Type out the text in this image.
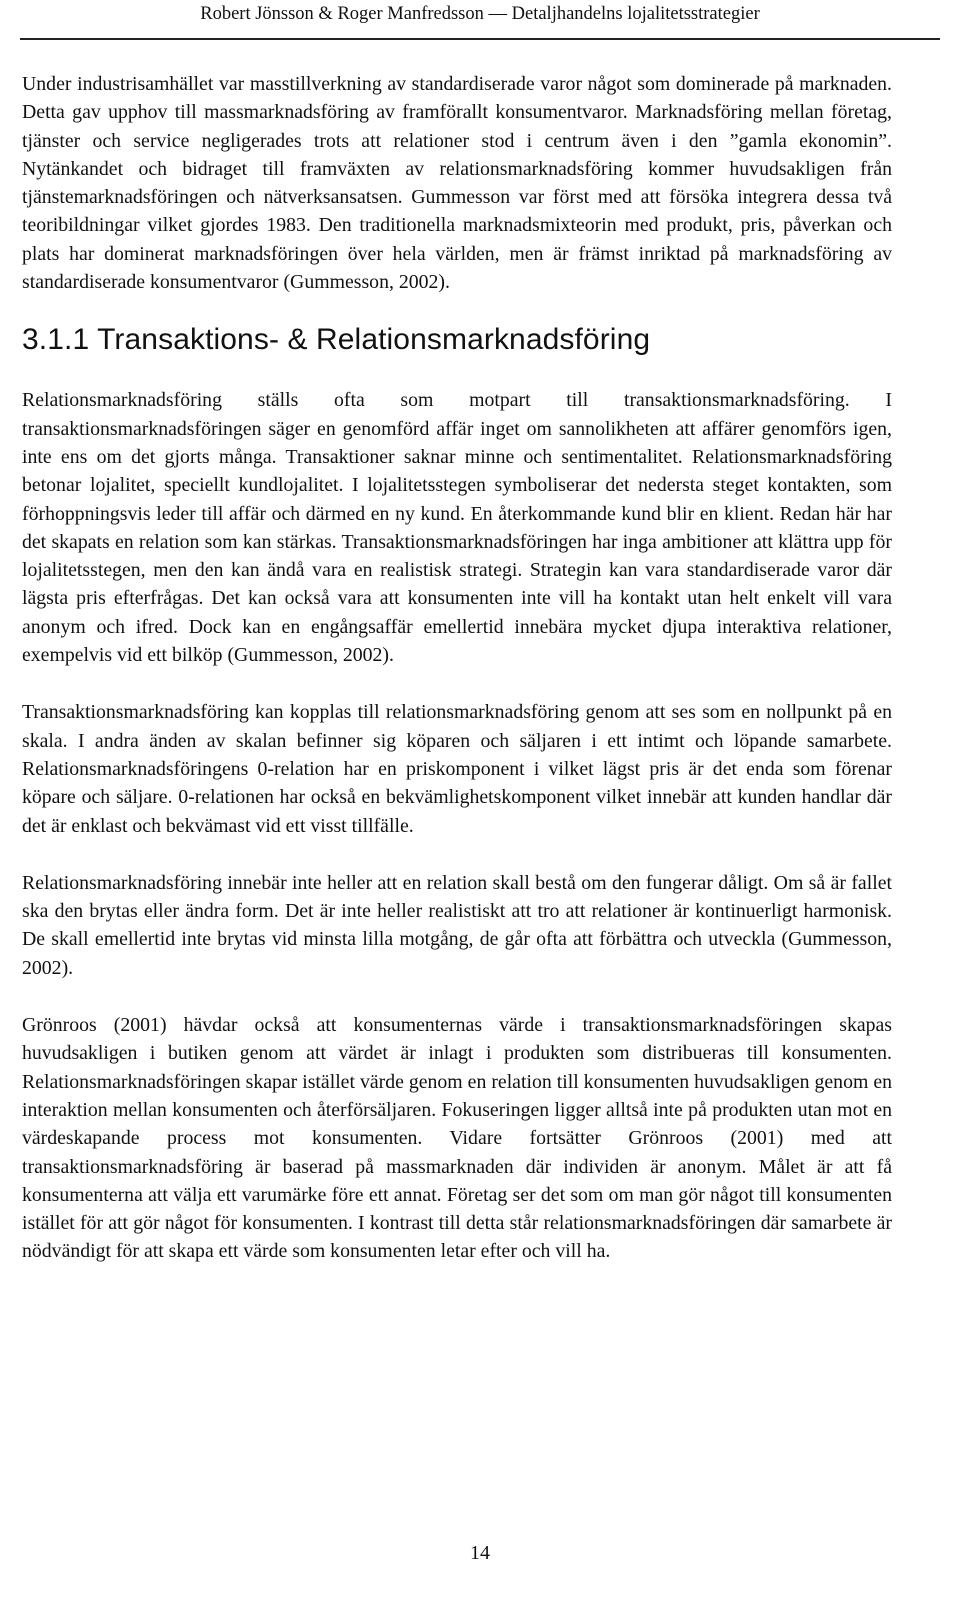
Robert Jönsson & Roger Manfredsson ― Detaljhandelns lojalitetsstrategier

Under industrisamhället var masstillverkning av standardiserade varor något som dominerade på marknaden. Detta gav upphov till massmarknadsföring av framförallt konsumentvaror. Marknadsföring mellan företag, tjänster och service negligerades trots att relationer stod i centrum även i den ”gamla ekonomin”. Nytänkandet och bidraget till framväxten av relationsmarknadsföring kommer huvudsakligen från tjänstemarknadsföringen och nätverksansatsen. Gummesson var först med att försöka integrera dessa två teoribildningar vilket gjordes 1983. Den traditionella marknadsmixteorin med produkt, pris, påverkan och plats har dominerat marknadsföringen över hela världen, men är främst inriktad på marknadsföring av standardiserade konsumentvaror (Gummesson, 2002).

3.1.1 Transaktions- & Relationsmarknadsföring

Relationsmarknadsföring ställs ofta som motpart till transaktionsmarknadsföring. I transaktionsmarknadsföringen säger en genomförd affär inget om sannolikheten att affärer genomförs igen, inte ens om det gjorts många. Transaktioner saknar minne och sentimentalitet. Relationsmarknadsföring betonar lojalitet, speciellt kundlojalitet. I lojalitetsstegen symboliserar det nedersta steget kontakten, som förhoppningsvis leder till affär och därmed en ny kund. En återkommande kund blir en klient. Redan här har det skapats en relation som kan stärkas. Transaktionsmarknadsföringen har inga ambitioner att klättra upp för lojalitetsstegen, men den kan ändå vara en realistisk strategi. Strategin kan vara standardiserade varor där lägsta pris efterfrågas. Det kan också vara att konsumenten inte vill ha kontakt utan helt enkelt vill vara anonym och ifred. Dock kan en engångsaffär emellertid innebära mycket djupa interaktiva relationer, exempelvis vid ett bilköp (Gummesson, 2002).

Transaktionsmarknadsföring kan kopplas till relationsmarknadsföring genom att ses som en nollpunkt på en skala. I andra änden av skalan befinner sig köparen och säljaren i ett intimt och löpande samarbete. Relationsmarknadsföringens 0-relation har en priskomponent i vilket lägst pris är det enda som förenar köpare och säljare. 0-relationen har också en bekvämlighetskomponent vilket innebär att kunden handlar där det är enklast och bekvämast vid ett visst tillfälle.

Relationsmarknadsföring innebär inte heller att en relation skall bestå om den fungerar dåligt. Om så är fallet ska den brytas eller ändra form. Det är inte heller realistiskt att tro att relationer är kontinuerligt harmonisk. De skall emellertid inte brytas vid minsta lilla motgång, de går ofta att förbättra och utveckla (Gummesson, 2002).

Grönroos (2001) hävdar också att konsumenternas värde i transaktionsmarknadsföringen skapas huvudsakligen i butiken genom att värdet är inlagt i produkten som distribueras till konsumenten. Relationsmarknadsföringen skapar istället värde genom en relation till konsumenten huvudsakligen genom en interaktion mellan konsumenten och återförsäljaren. Fokuseringen ligger alltså inte på produkten utan mot en värdeskapande process mot konsumenten. Vidare fortsätter Grönroos (2001) med att transaktionsmarknadsföring är baserad på massmarknaden där individen är anonym. Målet är att få konsumenterna att välja ett varumärke före ett annat. Företag ser det som om man gör något till konsumenten istället för att gör något för konsumenten. I kontrast till detta står relationsmarknadsföringen där samarbete är nödvändigt för att skapa ett värde som konsumenten letar efter och vill ha.

14
